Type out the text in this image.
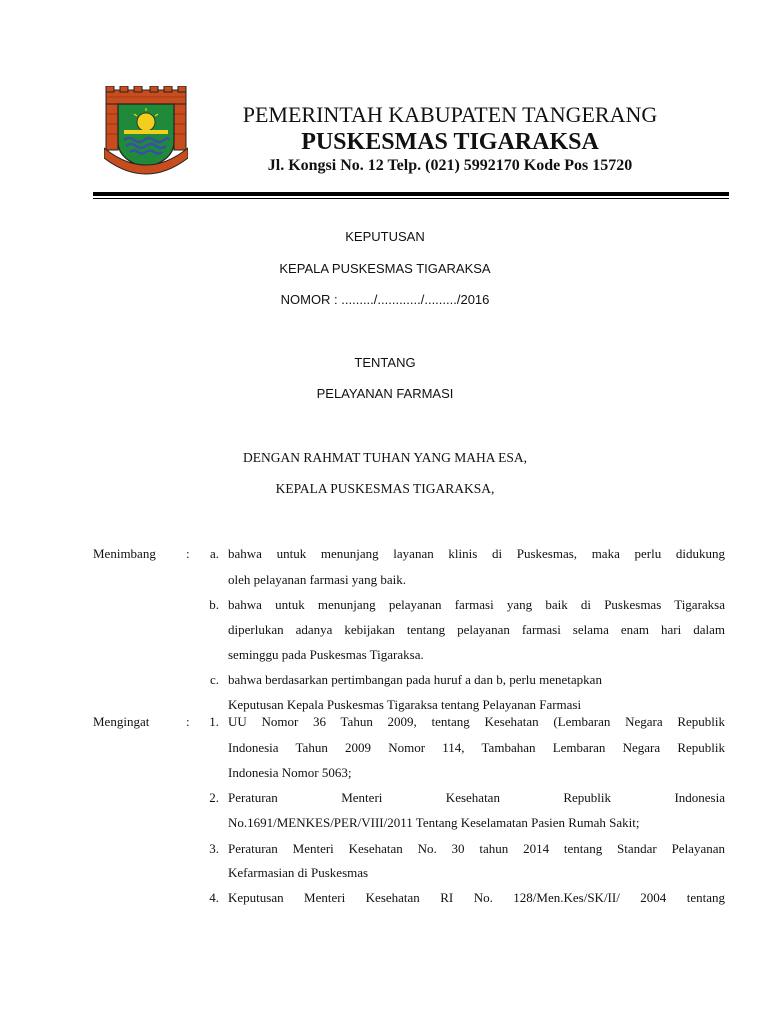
PEMERINTAH KABUPATEN TANGERANG
PUSKESMAS TIGARAKSA
Jl. Kongsi No. 12 Telp. (021) 5992170 Kode Pos 15720
KEPUTUSAN
KEPALA PUSKESMAS TIGARAKSA
NOMOR : ........./............/........./2016
TENTANG
PELAYANAN FARMASI
DENGAN RAHMAT TUHAN YANG MAHA ESA,
KEPALA PUSKESMAS TIGARAKSA,
Menimbang :	a. bahwa untuk menunjang layanan klinis di Puskesmas, maka perlu didukung
oleh pelayanan farmasi yang baik.
b. bahwa untuk menunjang pelayanan farmasi yang baik di Puskesmas Tigaraksa
diperlukan adanya kebijakan tentang pelayanan farmasi selama enam hari dalam
seminggu pada Puskesmas Tigaraksa.
c. bahwa berdasarkan pertimbangan pada huruf a dan b, perlu menetapkan
Keputusan Kepala Puskesmas Tigaraksa tentang Pelayanan Farmasi
Mengingat	:	1. UU Nomor 36 Tahun 2009, tentang Kesehatan (Lembaran Negara Republik
Indonesia Tahun 2009 Nomor 114, Tambahan Lembaran Negara Republik
Indonesia Nomor 5063;
2. Peraturan Menteri Kesehatan Republik Indonesia
No.1691/MENKES/PER/VIII/2011 Tentang Keselamatan Pasien Rumah Sakit;
3. Peraturan Menteri Kesehatan No. 30 tahun 2014 tentang Standar Pelayanan
Kefarmasian di Puskesmas
4. Keputusan Menteri Kesehatan RI No. 128/Men.Kes/SK/II/ 2004 tentang
